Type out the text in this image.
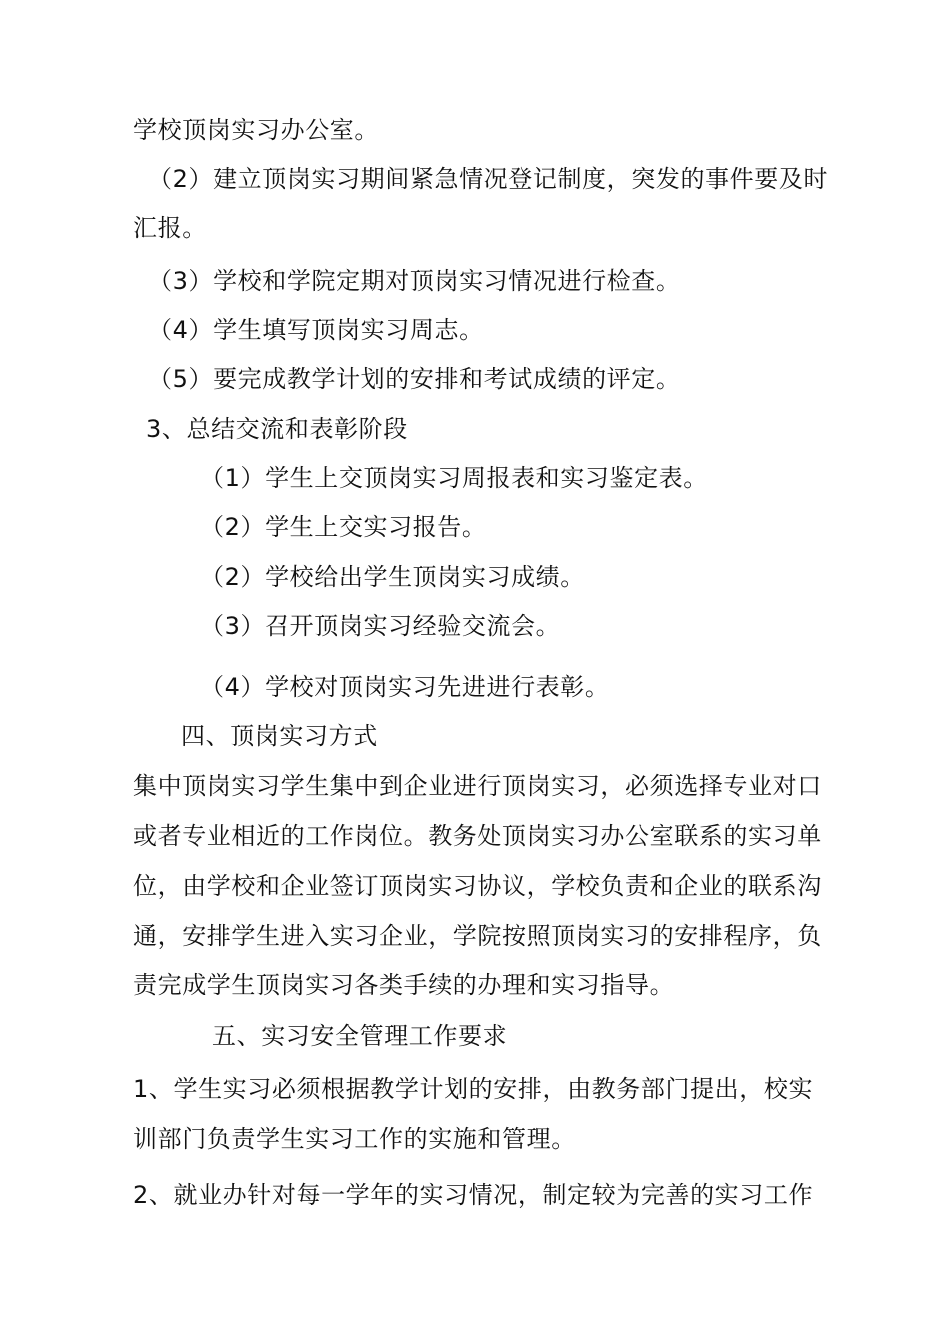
学校顶岗实习办公室。
（2）建立顶岗实习期间紧急情况登记制度，突发的事件要及时
汇报。
（3）学校和学院定期对顶岗实习情况进行检查。
（4）学生填写顶岗实习周志。
（5）要完成教学计划的安排和考试成绩的评定。
3、总结交流和表彰阶段
（1）学生上交顶岗实习周报表和实习鉴定表。
（2）学生上交实习报告。
（2）学校给出学生顶岗实习成绩。
（3）召开顶岗实习经验交流会。
（4）学校对顶岗实习先进进行表彰。
四、顶岗实习方式
集中顶岗实习学生集中到企业进行顶岗实习，必须选择专业对口
或者专业相近的工作岗位。教务处顶岗实习办公室联系的实习单
位，由学校和企业签订顶岗实习协议，学校负责和企业的联系沟
通，安排学生进入实习企业，学院按照顶岗实习的安排程序，负
责完成学生顶岗实习各类手续的办理和实习指导。
五、实习安全管理工作要求
1、学生实习必须根据教学计划的安排，由教务部门提出，校实
训部门负责学生实习工作的实施和管理。
2、就业办针对每一学年的实习情况，制定较为完善的实习工作
